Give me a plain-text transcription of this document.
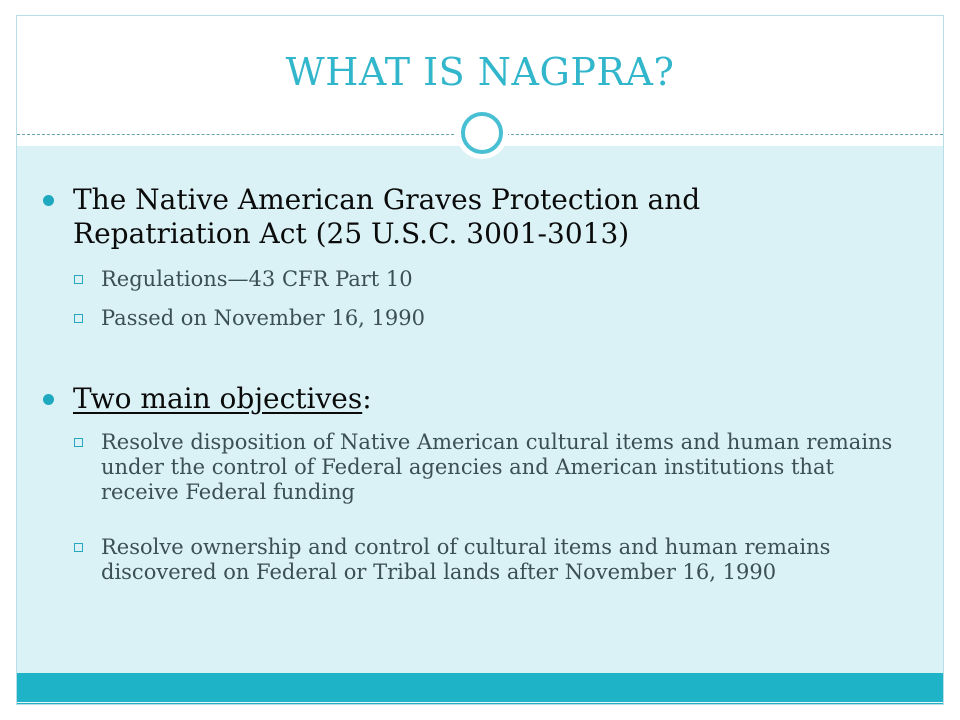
WHAT IS NAGPRA?
The Native American Graves Protection and Repatriation Act (25 U.S.C. 3001-3013)
Regulations—43 CFR Part 10
Passed on November 16, 1990
Two main objectives:
Resolve disposition of Native American cultural items and human remains under the control of Federal agencies and American institutions that receive Federal funding
Resolve ownership and control of cultural items and human remains discovered on Federal or Tribal lands after November 16, 1990
